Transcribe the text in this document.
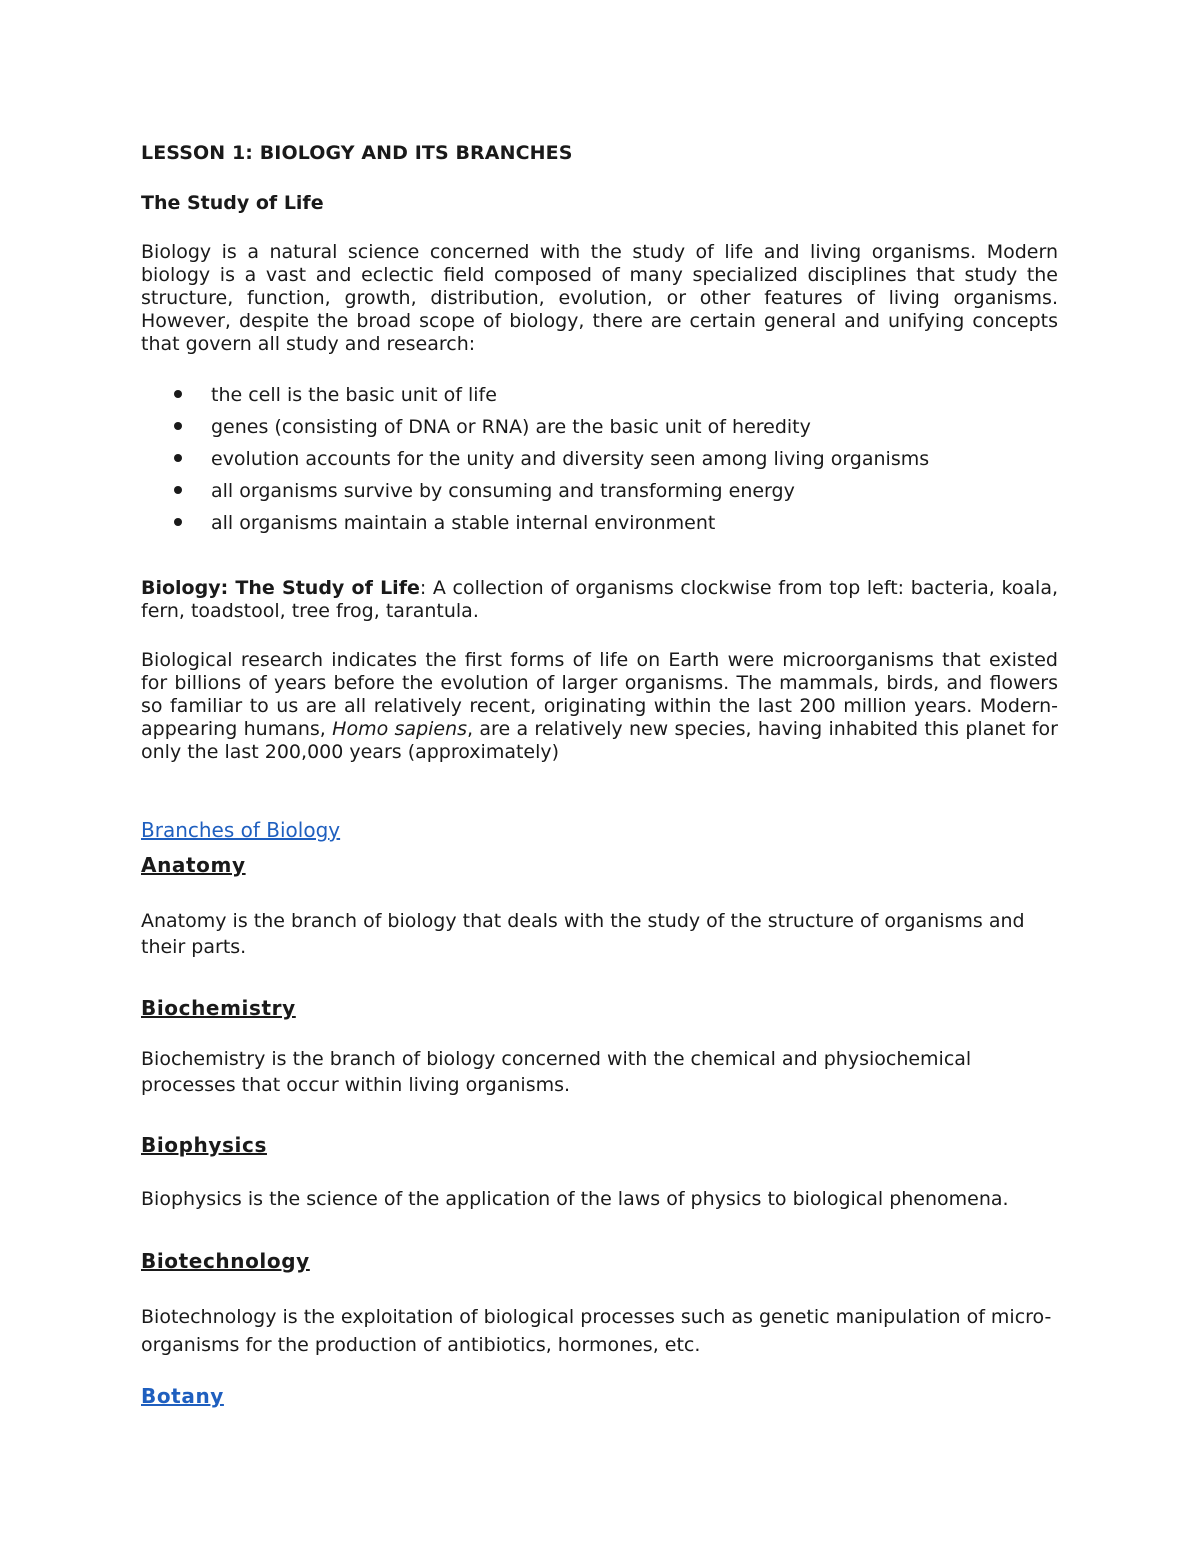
LESSON 1: BIOLOGY AND ITS BRANCHES

The Study of Life

Biology is a natural science concerned with the study of life and living organisms. Modern biology is a vast and eclectic field composed of many specialized disciplines that study the structure, function, growth, distribution, evolution, or other features of living organisms. However, despite the broad scope of biology, there are certain general and unifying concepts that govern all study and research:

the cell is the basic unit of life
genes (consisting of DNA or RNA) are the basic unit of heredity
evolution accounts for the unity and diversity seen among living organisms
all organisms survive by consuming and transforming energy
all organisms maintain a stable internal environment

Biology: The Study of Life: A collection of organisms clockwise from top left: bacteria, koala, fern, toadstool, tree frog, tarantula.

Biological research indicates the first forms of life on Earth were microorganisms that existed for billions of years before the evolution of larger organisms. The mammals, birds, and flowers so familiar to us are all relatively recent, originating within the last 200 million years. Modern-appearing humans, Homo sapiens, are a relatively new species, having inhabited this planet for only the last 200,000 years (approximately)

Branches of Biology

Anatomy

Anatomy is the branch of biology that deals with the study of the structure of organisms and their parts.

Biochemistry

Biochemistry is the branch of biology concerned with the chemical and physiochemical processes that occur within living organisms.

Biophysics

Biophysics is the science of the application of the laws of physics to biological phenomena.

Biotechnology

Biotechnology is the exploitation of biological processes such as genetic manipulation of micro-organisms for the production of antibiotics, hormones, etc.

Botany
